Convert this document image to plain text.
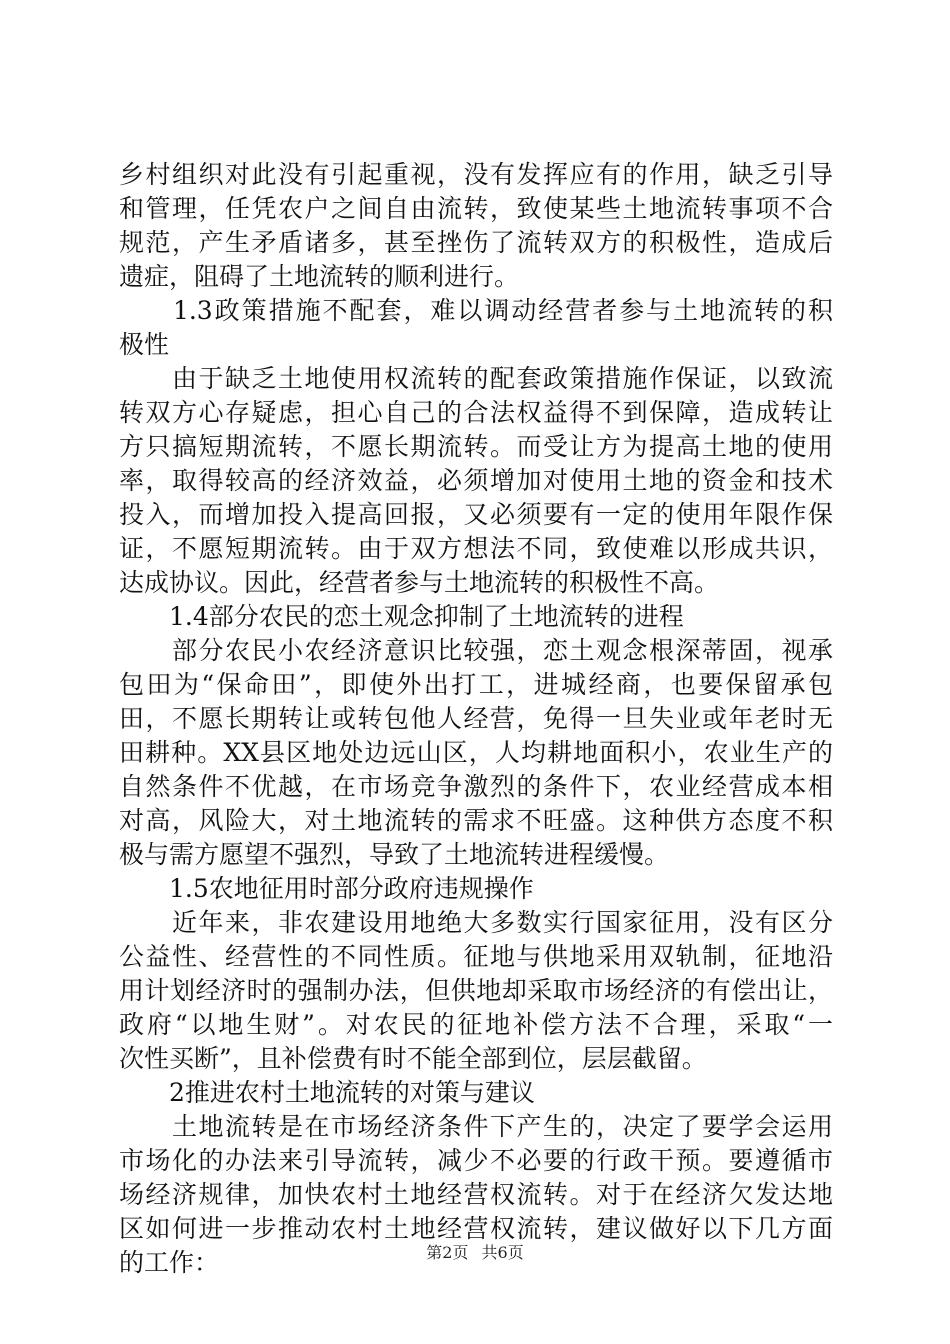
乡村组织对此没有引起重视，没有发挥应有的作用，缺乏引导
和管理，任凭农户之间自由流转，致使某些土地流转事项不合
规范，产生矛盾诸多，甚至挫伤了流转双方的积极性，造成后
遗症，阻碍了土地流转的顺利进行。
　　1.3政策措施不配套，难以调动经营者参与土地流转的积
极性
　　由于缺乏土地使用权流转的配套政策措施作保证，以致流
转双方心存疑虑，担心自己的合法权益得不到保障，造成转让
方只搞短期流转，不愿长期流转。而受让方为提高土地的使用
率，取得较高的经济效益，必须增加对使用土地的资金和技术
投入，而增加投入提高回报，又必须要有一定的使用年限作保
证，不愿短期流转。由于双方想法不同，致使难以形成共识，
达成协议。因此，经营者参与土地流转的积极性不高。
　　1.4部分农民的恋土观念抑制了土地流转的进程
　　部分农民小农经济意识比较强，恋土观念根深蒂固，视承
包田为“保命田”，即使外出打工，进城经商，也要保留承包
田，不愿长期转让或转包他人经营，免得一旦失业或年老时无
田耕种。XX县区地处边远山区，人均耕地面积小，农业生产的
自然条件不优越，在市场竞争激烈的条件下，农业经营成本相
对高，风险大，对土地流转的需求不旺盛。这种供方态度不积
极与需方愿望不强烈，导致了土地流转进程缓慢。
　　1.5农地征用时部分政府违规操作
　　近年来，非农建设用地绝大多数实行国家征用，没有区分
公益性、经营性的不同性质。征地与供地采用双轨制，征地沿
用计划经济时的强制办法，但供地却采取市场经济的有偿出让，
政府“以地生财”。对农民的征地补偿方法不合理，采取“一
次性买断”，且补偿费有时不能全部到位，层层截留。
　　2推进农村土地流转的对策与建议
　　土地流转是在市场经济条件下产生的，决定了要学会运用
市场化的办法来引导流转，减少不必要的行政干预。要遵循市
场经济规律，加快农村土地经营权流转。对于在经济欠发达地
区如何进一步推动农村土地经营权流转，建议做好以下几方面
的工作：	第2页 共6页
